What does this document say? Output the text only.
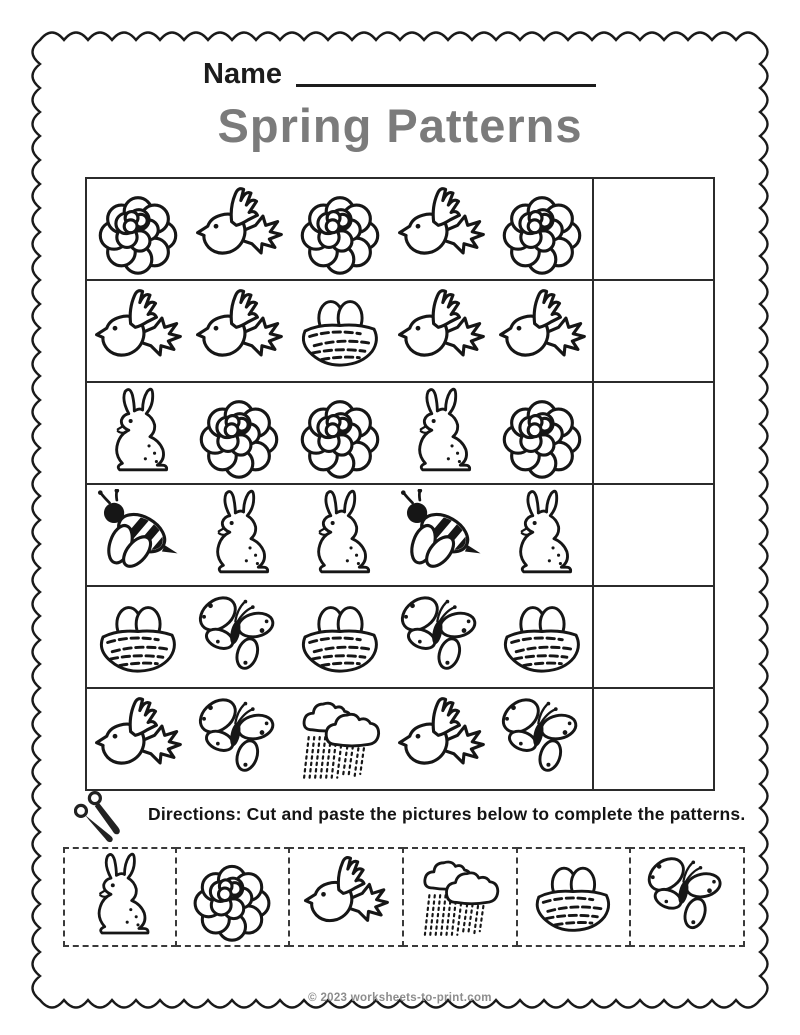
Name
Spring Patterns
Directions: Cut and paste the pictures below to complete the patterns.
© 2023 worksheets-to-print.com
